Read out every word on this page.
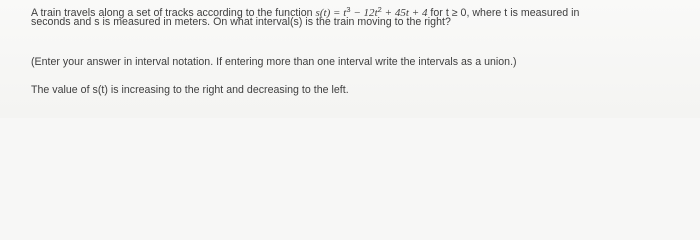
A train travels along a set of tracks according to the function $s(t) = t^3 - 12t^2 + 45t + 4$ for t ≥ 0, where t is measured in
seconds and s is measured in meters. On what interval(s) is the train moving to the right?
(Enter your answer in interval notation. If entering more than one interval write the intervals as a union.)
The value of s(t) is increasing to the right and decreasing to the left.
